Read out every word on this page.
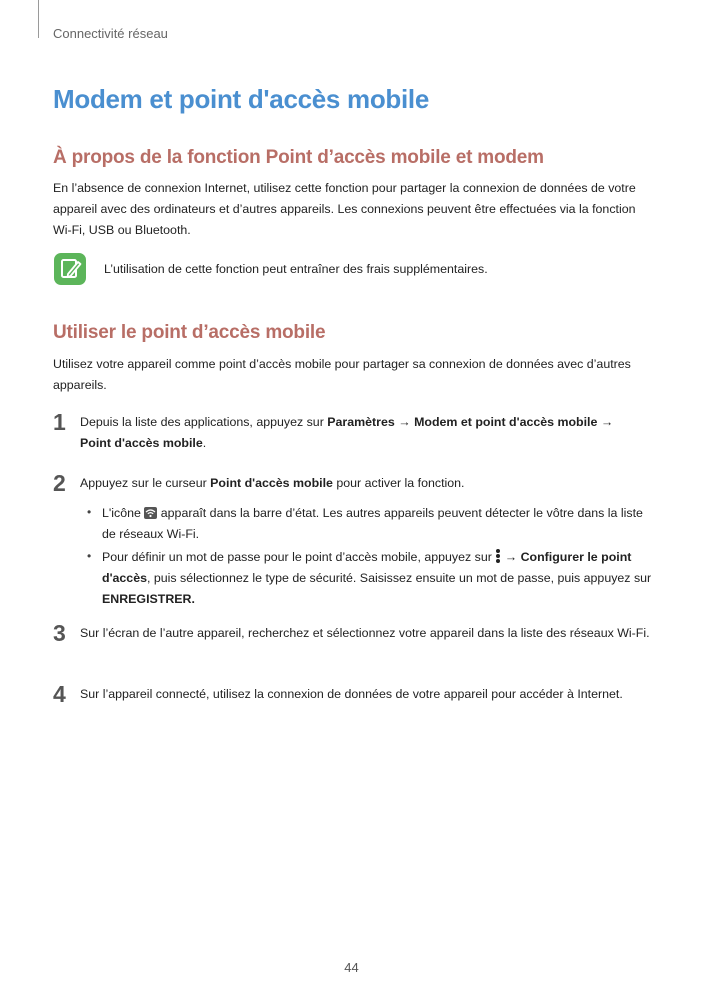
Connectivité réseau
Modem et point d'accès mobile
À propos de la fonction Point d’accès mobile et modem

En l’absence de connexion Internet, utilisez cette fonction pour partager la connexion de données de votre appareil avec des ordinateurs et d’autres appareils. Les connexions peuvent être effectuées via la fonction Wi-Fi, USB ou Bluetooth.

L’utilisation de cette fonction peut entraîner des frais supplémentaires.

Utiliser le point d’accès mobile

Utilisez votre appareil comme point d’accès mobile pour partager sa connexion de données avec d’autres appareils.

1 Depuis la liste des applications, appuyez sur Paramètres → Modem et point d'accès mobile →
Point d'accès mobile.

2 Appuyez sur le curseur Point d'accès mobile pour activer la fonction.

• L'icône
apparaît dans la barre d’état. Les autres appareils peuvent détecter le vôtre dans la liste de réseaux Wi-Fi.

• Pour définir un mot de passe pour le point d’accès mobile, appuyez sur
→ Configurer le point d'accès, puis sélectionnez le type de sécurité. Saisissez ensuite un mot de passe, puis appuyez sur ENREGISTRER.

3 Sur l’écran de l’autre appareil, recherchez et sélectionnez votre appareil dans la liste des réseaux Wi-Fi.

4 Sur l’appareil connecté, utilisez la connexion de données de votre appareil pour accéder à Internet.

44
